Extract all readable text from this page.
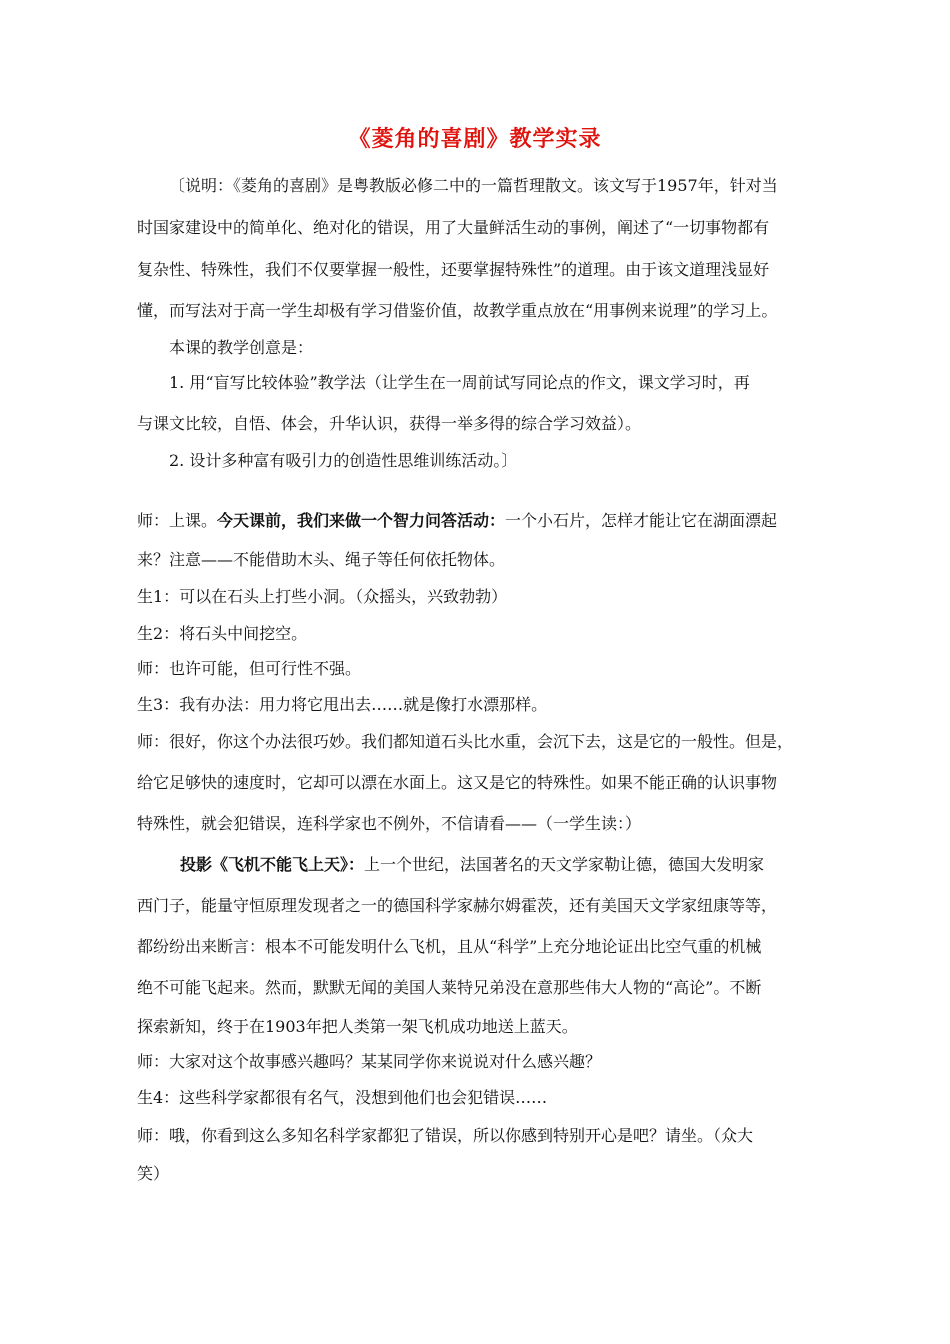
《菱角的喜剧》教学实录
〔说明：《菱角的喜剧》是粤教版必修二中的一篇哲理散文。该文写于1957年，针对当
时国家建设中的简单化、绝对化的错误，用了大量鲜活生动的事例，阐述了“一切事物都有
复杂性、特殊性，我们不仅要掌握一般性，还要掌握特殊性”的道理。由于该文道理浅显好
懂，而写法对于高一学生却极有学习借鉴价值，故教学重点放在“用事例来说理”的学习上。
本课的教学创意是：
1. 用“盲写比较体验”教学法（让学生在一周前试写同论点的作文，课文学习时，再
与课文比较，自悟、体会，升华认识，获得一举多得的综合学习效益）。
2. 设计多种富有吸引力的创造性思维训练活动。〕
师：上课。今天课前，我们来做一个智力问答活动：一个小石片，怎样才能让它在湖面漂起
来？注意——不能借助木头、绳子等任何依托物体。
生1：可以在石头上打些小洞。（众摇头，兴致勃勃）
生2：将石头中间挖空。
师：也许可能，但可行性不强。
生3：我有办法：用力将它甩出去……就是像打水漂那样。
师：很好，你这个办法很巧妙。我们都知道石头比水重，会沉下去，这是它的一般性。但是，
给它足够快的速度时，它却可以漂在水面上。这又是它的特殊性。如果不能正确的认识事物
特殊性，就会犯错误，连科学家也不例外，不信请看——（一学生读：）
投影《飞机不能飞上天》：上一个世纪，法国著名的天文学家勒让德，德国大发明家
西门子，能量守恒原理发现者之一的德国科学家赫尔姆霍茨，还有美国天文学家纽康等等，
都纷纷出来断言：根本不可能发明什么飞机，且从“科学”上充分地论证出比空气重的机械
绝不可能飞起来。然而，默默无闻的美国人莱特兄弟没在意那些伟大人物的“高论”。不断
探索新知，终于在1903年把人类第一架飞机成功地送上蓝天。
师：大家对这个故事感兴趣吗？某某同学你来说说对什么感兴趣？
生4：这些科学家都很有名气，没想到他们也会犯错误……
师：哦，你看到这么多知名科学家都犯了错误，所以你感到特别开心是吧？请坐。（众大
笑）
